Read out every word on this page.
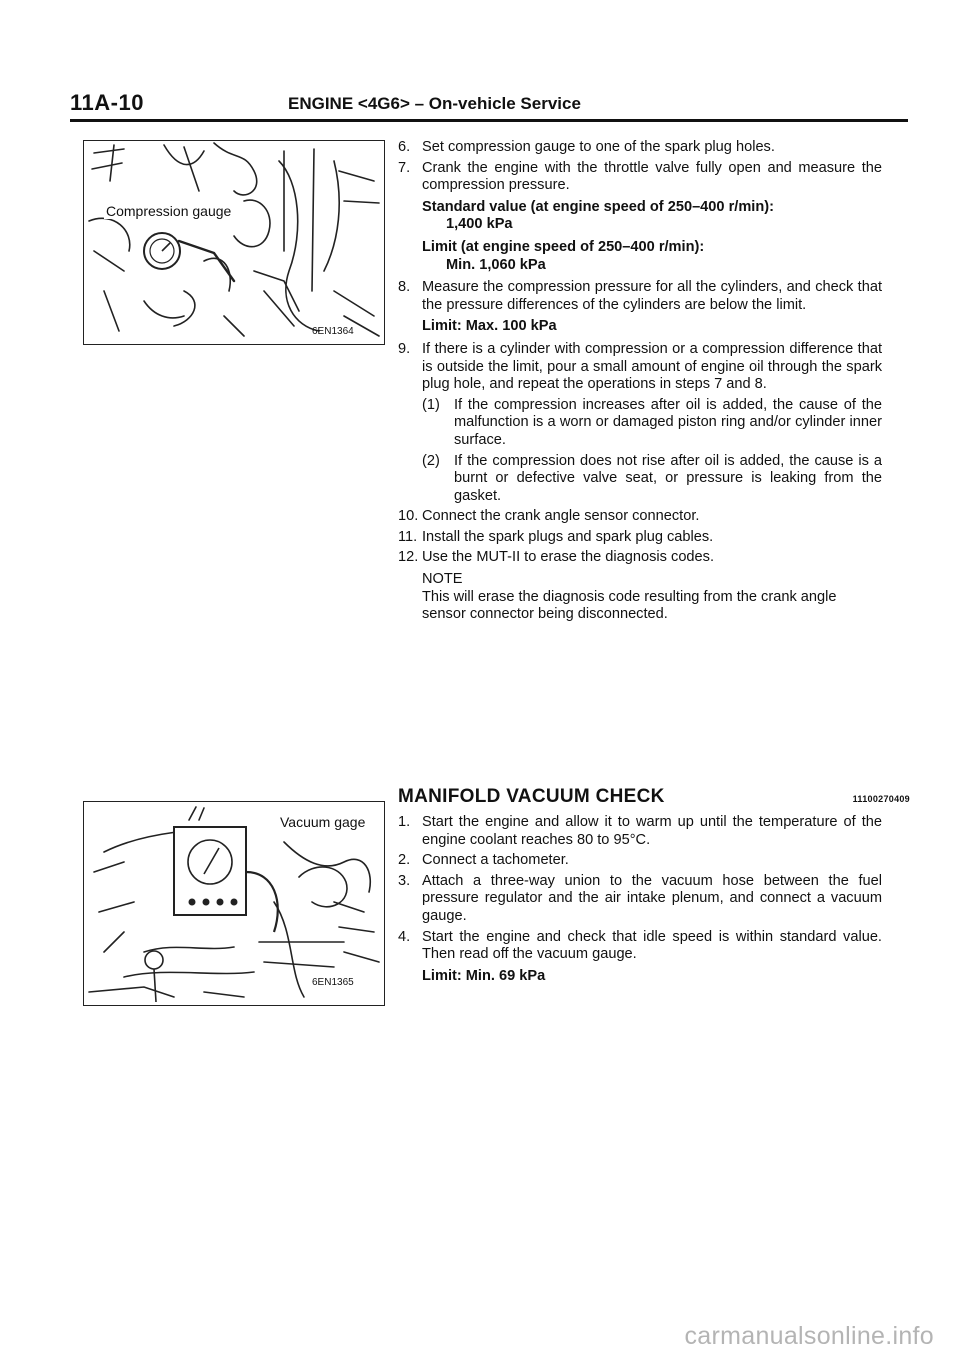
11A-10	ENGINE <4G6> – On-vehicle Service
Compression gauge
6EN1364
Vacuum gage
6EN1365
6. Set compression gauge to one of the spark plug holes.
7. Crank the engine with the throttle valve fully open and measure the compression pressure.
Standard value (at engine speed of 250–400 r/min):
1,400 kPa
Limit (at engine speed of 250–400 r/min):
Min. 1,060 kPa
8. Measure the compression pressure for all the cylinders, and check that the pressure differences of the cylinders are below the limit.
Limit: Max. 100 kPa
9. If there is a cylinder with compression or a compression difference that is outside the limit, pour a small amount of engine oil through the spark plug hole, and repeat the operations in steps 7 and 8.
(1) If the compression increases after oil is added, the cause of the malfunction is a worn or damaged piston ring and/or cylinder inner surface.
(2) If the compression does not rise after oil is added, the cause is a burnt or defective valve seat, or pressure is leaking from the gasket.
10. Connect the crank angle sensor connector.
11. Install the spark plugs and spark plug cables.
12. Use the MUT-II to erase the diagnosis codes.
NOTE
This will erase the diagnosis code resulting from the crank angle sensor connector being disconnected.
MANIFOLD VACUUM CHECK	11100270409
1. Start the engine and allow it to warm up until the temperature of the engine coolant reaches 80 to 95°C.
2. Connect a tachometer.
3. Attach a three-way union to the vacuum hose between the fuel pressure regulator and the air intake plenum, and connect a vacuum gauge.
4. Start the engine and check that idle speed is within standard value. Then read off the vacuum gauge.
Limit: Min. 69 kPa
carmanualsonline.info
